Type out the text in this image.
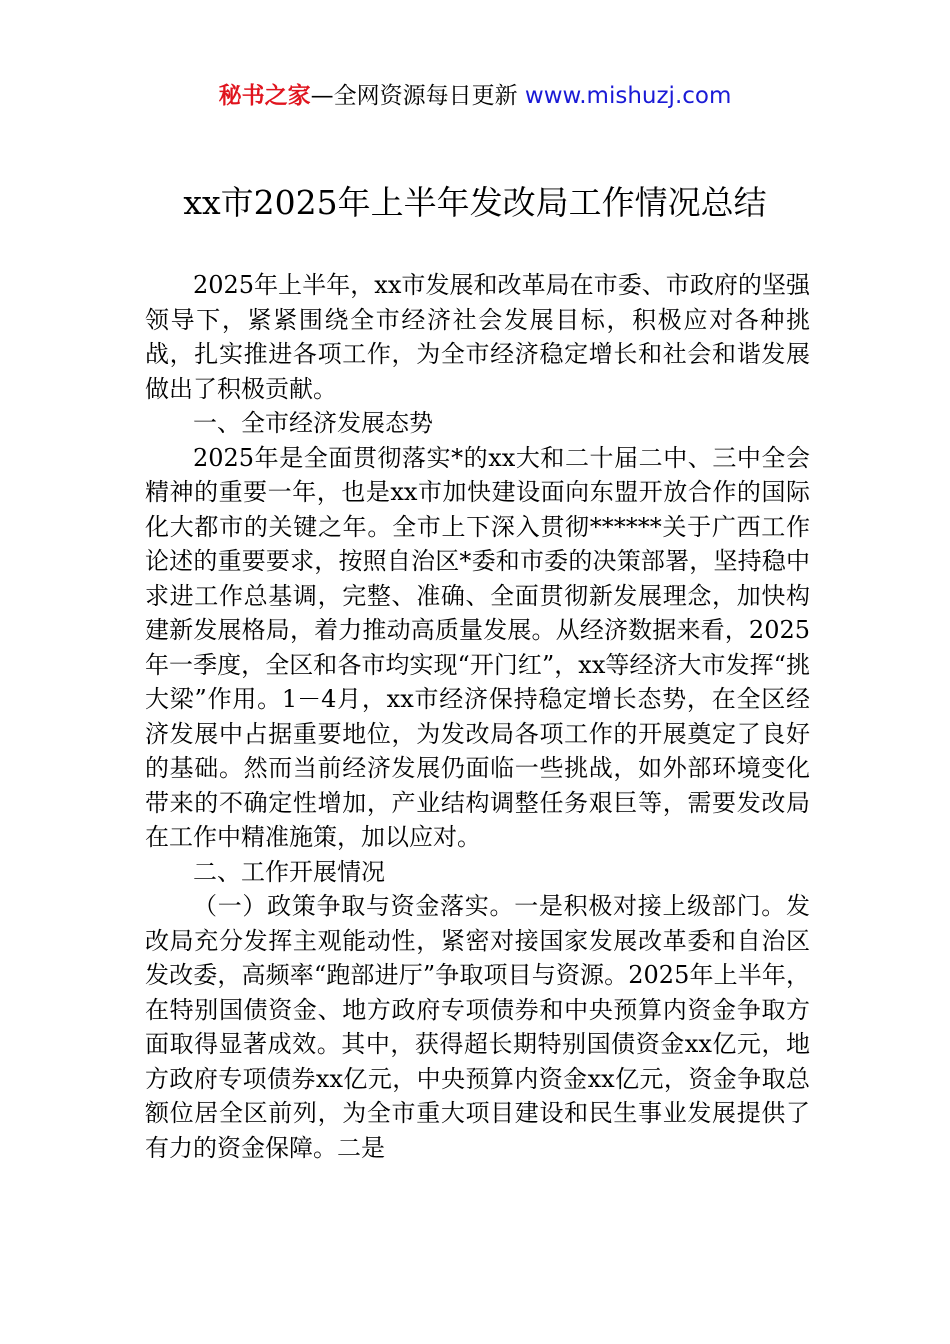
秘书之家—全网资源每日更新 www.mishuzj.com
xx市2025年上半年发改局工作情况总结

2025年上半年，xx市发展和改革局在市委、市政府的坚强领导下，紧紧围绕全市经济社会发展目标，积极应对各种挑战，扎实推进各项工作，为全市经济稳定增长和社会和谐发展做出了积极贡献。

一、全市经济发展态势

2025年是全面贯彻落实*的xx大和二十届二中、三中全会精神的重要一年，也是xx市加快建设面向东盟开放合作的国际化大都市的关键之年。全市上下深入贯彻******关于广西工作论述的重要要求，按照自治区*委和市委的决策部署，坚持稳中求进工作总基调，完整、准确、全面贯彻新发展理念，加快构建新发展格局，着力推动高质量发展。从经济数据来看，2025年一季度，全区和各市均实现“开门红”，xx等经济大市发挥“挑大梁”作用。1－4月，xx市经济保持稳定增长态势，在全区经济发展中占据重要地位，为发改局各项工作的开展奠定了良好的基础。然而当前经济发展仍面临一些挑战，如外部环境变化带来的不确定性增加，产业结构调整任务艰巨等，需要发改局在工作中精准施策，加以应对。

二、工作开展情况

（一）政策争取与资金落实。一是积极对接上级部门。发改局充分发挥主观能动性，紧密对接国家发展改革委和自治区发改委，高频率“跑部进厅”争取项目与资源。2025年上半年，在特别国债资金、地方政府专项债券和中央预算内资金争取方面取得显著成效。其中，获得超长期特别国债资金xx亿元，地方政府专项债券xx亿元，中央预算内资金xx亿元，资金争取总额位居全区前列，为全市重大项目建设和民生事业发展提供了有力的资金保障。二是
